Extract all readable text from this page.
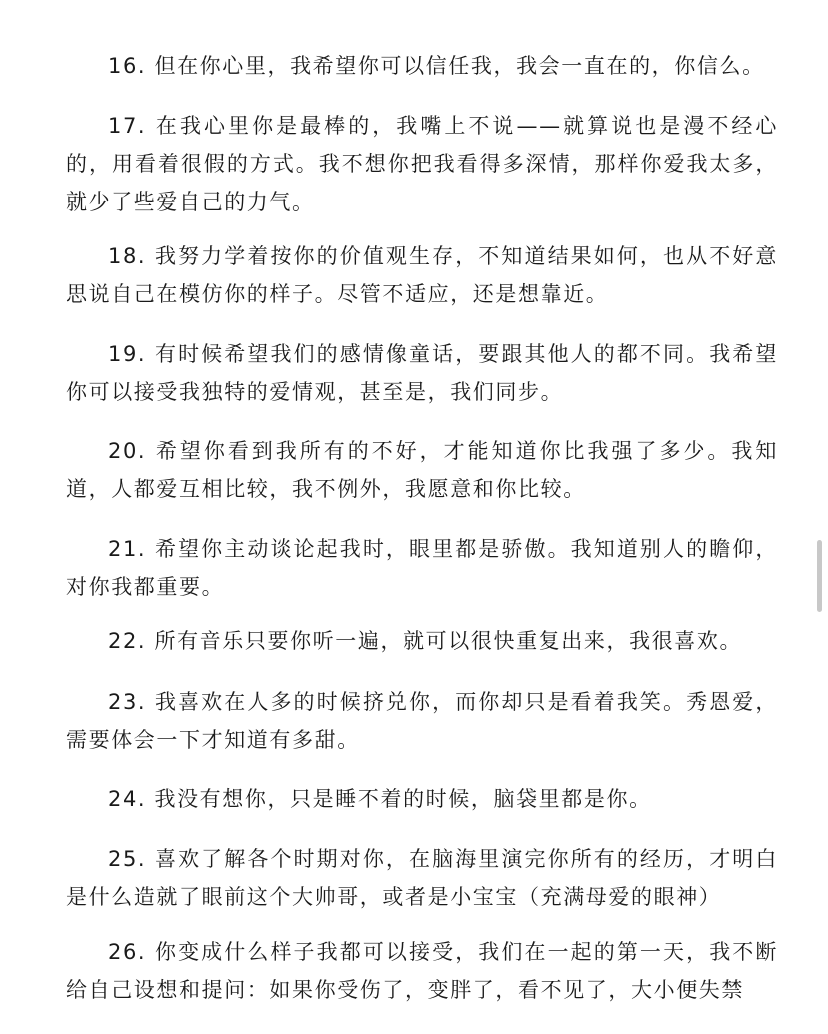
16. 但在你心里，我希望你可以信任我，我会一直在的，你信么。

17. 在我心里你是最棒的，我嘴上不说——就算说也是漫不经心的，用看着很假的方式。我不想你把我看得多深情，那样你爱我太多，就少了些爱自己的力气。

18. 我努力学着按你的价值观生存，不知道结果如何，也从不好意思说自己在模仿你的样子。尽管不适应，还是想靠近。

19. 有时候希望我们的感情像童话，要跟其他人的都不同。我希望你可以接受我独特的爱情观，甚至是，我们同步。

20. 希望你看到我所有的不好，才能知道你比我强了多少。我知道，人都爱互相比较，我不例外，我愿意和你比较。

21. 希望你主动谈论起我时，眼里都是骄傲。我知道别人的瞻仰，对你我都重要。

22. 所有音乐只要你听一遍，就可以很快重复出来，我很喜欢。

23. 我喜欢在人多的时候挤兑你，而你却只是看着我笑。秀恩爱，需要体会一下才知道有多甜。

24. 我没有想你，只是睡不着的时候，脑袋里都是你。

25. 喜欢了解各个时期对你，在脑海里演完你所有的经历，才明白是什么造就了眼前这个大帅哥，或者是小宝宝（充满母爱的眼神）

26. 你变成什么样子我都可以接受，我们在一起的第一天，我不断给自己设想和提问：如果你受伤了，变胖了，看不见了，大小便失禁
